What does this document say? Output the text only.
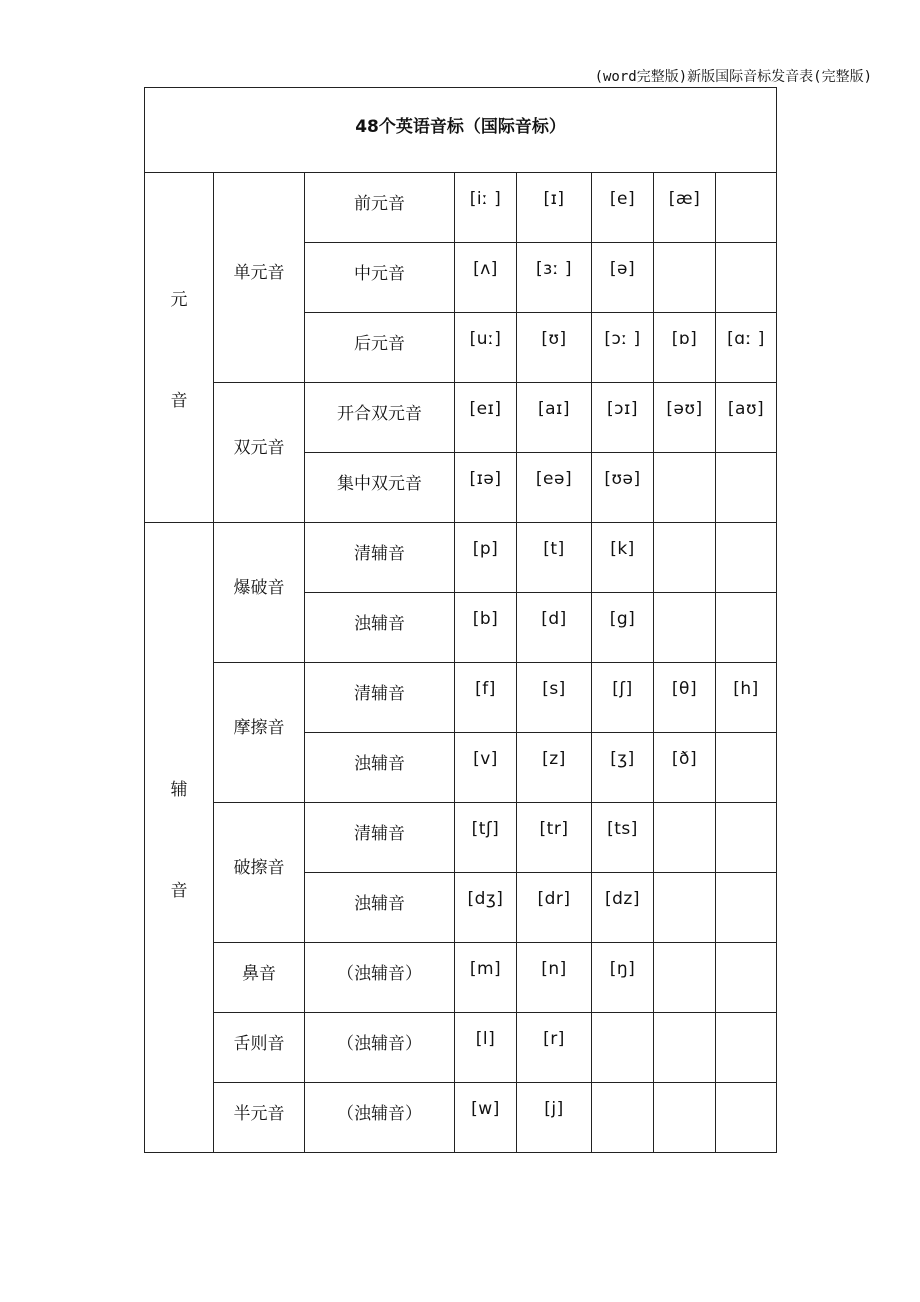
(word完整版)新版国际音标发音表(完整版)
48个英语音标（国际音标）							

元
音	单元音	前元音	[iː ]	[ɪ]	[e]	[æ]	
		中元音	[ʌ]	[ɜː ]	[ə]		
		后元音	[uː]	[ʊ]	[ɔː ]	[ɒ]	[ɑː ]
	双元音	开合双元音	[eɪ]	[aɪ]	[ɔɪ]	[əʊ]	[aʊ]
		集中双元音	[ɪə]	[eə]	[ʊə]		

辅
音	爆破音	清辅音	[p]	[t]	[k]		
		浊辅音	[b]	[d]	[g]		
	摩擦音	清辅音	[f]	[s]	[ʃ]	[θ]	[h]
		浊辅音	[v]	[z]	[ʒ]	[ð]	
	破擦音	清辅音	[tʃ]	[tr]	[ts]		
		浊辅音	[dʒ]	[dr]	[dz]		
	鼻音	（浊辅音）	[m]	[n]	[ŋ]		
	舌则音	（浊辅音）	[l]	[r]			
	半元音	（浊辅音）	[w]	[j]			
